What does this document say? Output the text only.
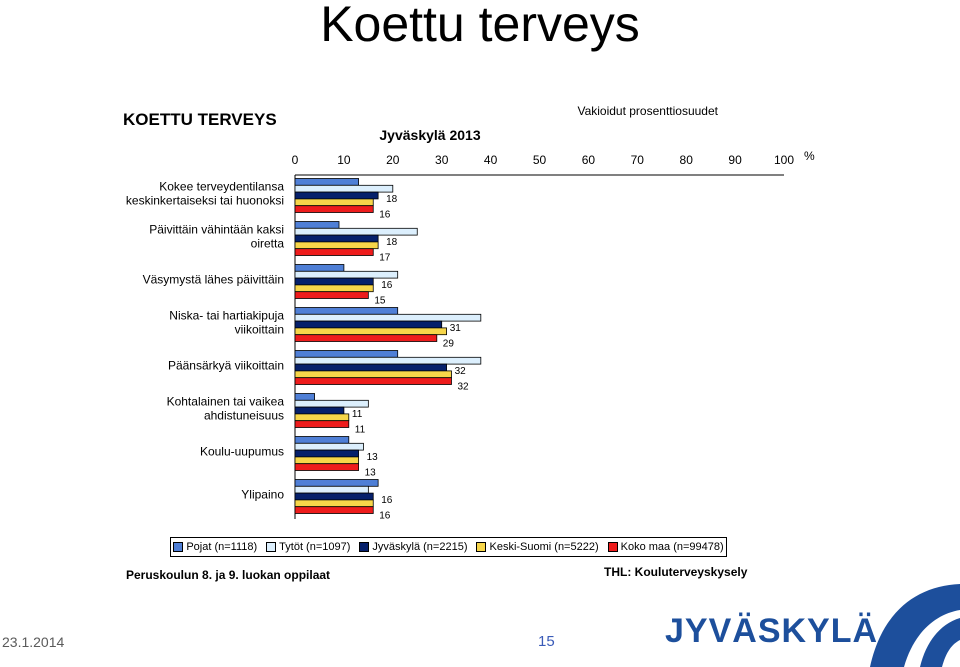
Koettu terveys
KOETTU TERVEYS
Jyväskylä 2013
Vakioidut prosenttiosuudet
0	10	20	30	40	50	60	70	80	90	100 %
Kokee terveydentilansa keskinkertaiseksi tai huonoksi	18
16
Päivittäin vähintään kaksi oiretta	18
17
Väsymystä lähes päivittäin	16
15
Niska- tai hartiakipuja viikoittain	31
29
Päänsärkyä viikoittain	32
32
Kohtalainen tai vaikea ahdistuneisuus	11
11
Koulu-uupumus	13
13
Ylipaino	16
16
Pojat (n=1118) Tytöt (n=1097) Jyväskylä (n=2215) Keski-Suomi (n=5222) Koko maa (n=99478)
Peruskoulun 8. ja 9. luokan oppilaat	THL: Kouluterveyskysely
23.1.2014	15	JYVÄSKYLÄ
